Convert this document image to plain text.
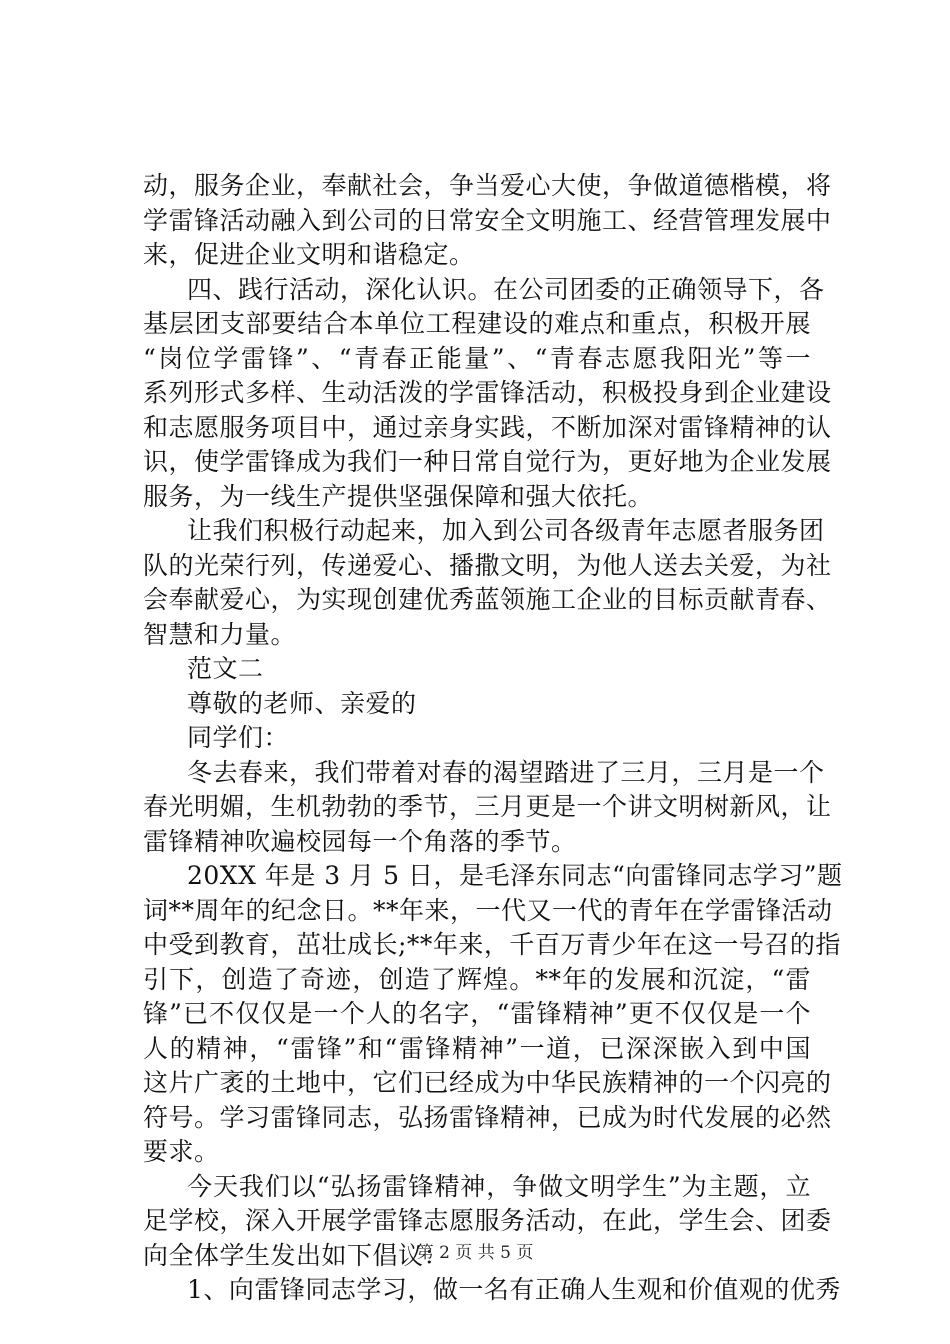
动，服务企业，奉献社会，争当爱心大使，争做道德楷模，将
学雷锋活动融入到公司的日常安全文明施工、经营管理发展中
来，促进企业文明和谐稳定。
四、践行活动，深化认识。在公司团委的正确领导下，各
基层团支部要结合本单位工程建设的难点和重点，积极开展
“岗位学雷锋”、“青春正能量”、“青春志愿我阳光”等一
系列形式多样、生动活泼的学雷锋活动，积极投身到企业建设
和志愿服务项目中，通过亲身实践，不断加深对雷锋精神的认
识，使学雷锋成为我们一种日常自觉行为，更好地为企业发展
服务，为一线生产提供坚强保障和强大依托。
让我们积极行动起来，加入到公司各级青年志愿者服务团
队的光荣行列，传递爱心、播撒文明，为他人送去关爱，为社
会奉献爱心，为实现创建优秀蓝领施工企业的目标贡献青春、
智慧和力量。
范文二
尊敬的老师、亲爱的
同学们：
冬去春来，我们带着对春的渴望踏进了三月，三月是一个
春光明媚，生机勃勃的季节，三月更是一个讲文明树新风，让
雷锋精神吹遍校园每一个角落的季节。
20XX 年是 3 月 5 日，是毛泽东同志“向雷锋同志学习”题
词**周年的纪念日。**年来，一代又一代的青年在学雷锋活动
中受到教育，茁壮成长;**年来，千百万青少年在这一号召的指
引下，创造了奇迹，创造了辉煌。**年的发展和沉淀，“雷
锋”已不仅仅是一个人的名字，“雷锋精神”更不仅仅是一个
人的精神，“雷锋”和“雷锋精神”一道，已深深嵌入到中国
这片广袤的土地中，它们已经成为中华民族精神的一个闪亮的
符号。学习雷锋同志，弘扬雷锋精神，已成为时代发展的必然
要求。
今天我们以“弘扬雷锋精神，争做文明学生”为主题，立
足学校，深入开展学雷锋志愿服务活动，在此，学生会、团委
向全体学生发出如下倡议：
1、向雷锋同志学习，做一名有正确人生观和价值观的优秀
第 2 页 共 5 页
